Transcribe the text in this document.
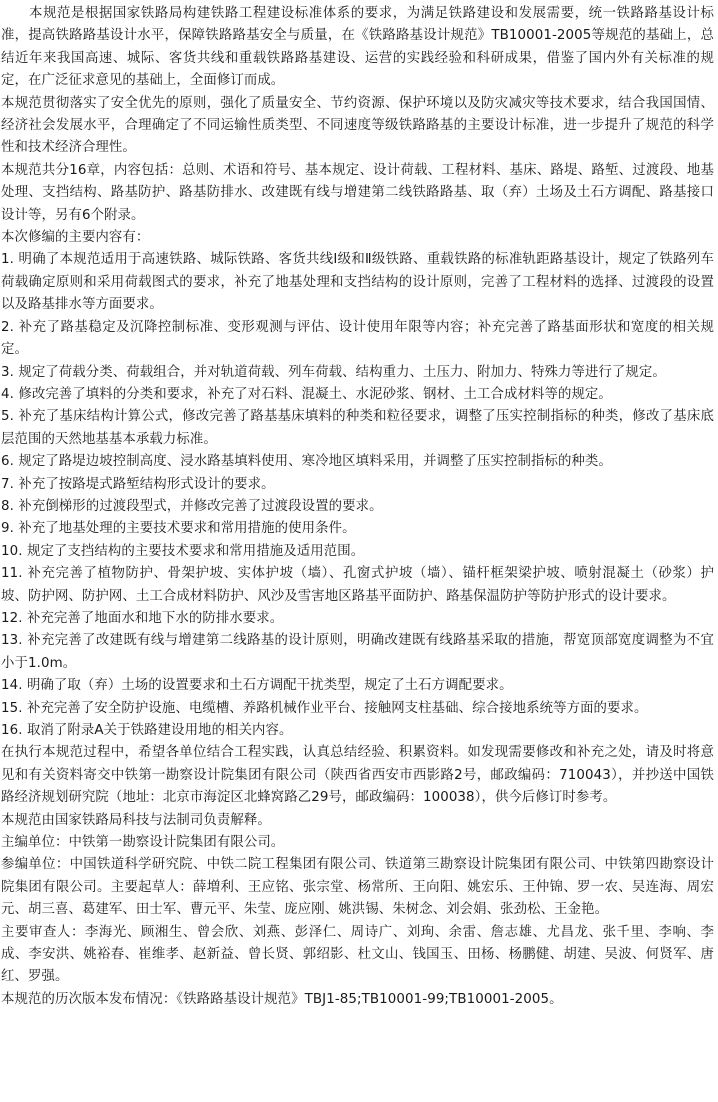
本规范是根据国家铁路局构建铁路工程建设标准体系的要求，为满足铁路建设和发展需要，统一铁路路基设计标准，提高铁路路基设计水平，保障铁路路基安全与质量，在《铁路路基设计规范》TB10001-2005等规范的基础上，总结近年来我国高速、城际、客货共线和重载铁路路基建设、运营的实践经验和科研成果，借鉴了国内外有关标准的规定，在广泛征求意见的基础上，全面修订而成。

本规范贯彻落实了安全优先的原则，强化了质量安全、节约资源、保护环境以及防灾减灾等技术要求，结合我国国情、经济社会发展水平，合理确定了不同运输性质类型、不同速度等级铁路路基的主要设计标准，进一步提升了规范的科学性和技术经济合理性。

本规范共分16章，内容包括：总则、术语和符号、基本规定、设计荷载、工程材料、基床、路堤、路堑、过渡段、地基处理、支挡结构、路基防护、路基防排水、改建既有线与增建第二线铁路路基、取（弃）土场及土石方调配、路基接口设计等，另有6个附录。

本次修编的主要内容有：

1. 明确了本规范适用于高速铁路、城际铁路、客货共线Ⅰ级和Ⅱ级铁路、重载铁路的标准轨距路基设计，规定了铁路列车荷载确定原则和采用荷载图式的要求，补充了地基处理和支挡结构的设计原则，完善了工程材料的选择、过渡段的设置以及路基排水等方面要求。

2. 补充了路基稳定及沉降控制标准、变形观测与评估、设计使用年限等内容；补充完善了路基面形状和宽度的相关规定。

3. 规定了荷载分类、荷载组合，并对轨道荷载、列车荷载、结构重力、土压力、附加力、特殊力等进行了规定。

4. 修改完善了填料的分类和要求，补充了对石料、混凝土、水泥砂浆、钢材、土工合成材料等的规定。

5. 补充了基床结构计算公式，修改完善了路基基床填料的种类和粒径要求，调整了压实控制指标的种类，修改了基床底层范围的天然地基基本承载力标准。

6. 规定了路堤边坡控制高度、浸水路基填料使用、寒冷地区填料采用，并调整了压实控制指标的种类。

7. 补充了按路堤式路堑结构形式设计的要求。

8. 补充倒梯形的过渡段型式，并修改完善了过渡段设置的要求。

9. 补充了地基处理的主要技术要求和常用措施的使用条件。

10. 规定了支挡结构的主要技术要求和常用措施及适用范围。

11. 补充完善了植物防护、骨架护坡、实体护坡（墙）、孔窗式护坡（墙）、锚杆框架梁护坡、喷射混凝土（砂浆）护坡、防护网、防护网、土工合成材料防护、风沙及雪害地区路基平面防护、路基保温防护等防护形式的设计要求。

12. 补充完善了地面水和地下水的防排水要求。

13. 补充完善了改建既有线与增建第二线路基的设计原则，明确改建既有线路基采取的措施，帮宽顶部宽度调整为不宜小于1.0m。

14. 明确了取（弃）土场的设置要求和土石方调配干扰类型，规定了土石方调配要求。

15. 补充完善了安全防护设施、电缆槽、养路机械作业平台、接触网支柱基础、综合接地系统等方面的要求。

16. 取消了附录A关于铁路建设用地的相关内容。

在执行本规范过程中，希望各单位结合工程实践，认真总结经验、积累资料。如发现需要修改和补充之处，请及时将意见和有关资料寄交中铁第一勘察设计院集团有限公司（陕西省西安市西影路2号，邮政编码：710043），并抄送中国铁路经济规划研究院（地址：北京市海淀区北蜂窝路乙29号，邮政编码：100038），供今后修订时参考。

本规范由国家铁路局科技与法制司负责解释。

主编单位：中铁第一勘察设计院集团有限公司。

参编单位：中国铁道科学研究院、中铁二院工程集团有限公司、铁道第三勘察设计院集团有限公司、中铁第四勘察设计院集团有限公司。主要起草人：薛増利、王应铭、张宗堂、杨常所、王向阳、姚宏乐、王仲锦、罗一农、吴连海、周宏元、胡三喜、葛建军、田士军、曹元平、朱莹、庞应刚、姚洪锡、朱树念、刘会娟、张劲松、王金艳。

主要审查人：李海光、顾湘生、曾会欣、刘燕、彭泽仁、周诗广、刘珣、余雷、詹志雄、尤昌龙、张千里、李响、李成、李安洪、姚裕春、崔维孝、赵新益、曾长贤、郭绍影、杜文山、钱国玉、田杨、杨鹏健、胡建、吴波、何贤军、唐红、罗强。

本规范的历次版本发布情况：《铁路路基设计规范》TBJ1-85;TB10001-99;TB10001-2005。
